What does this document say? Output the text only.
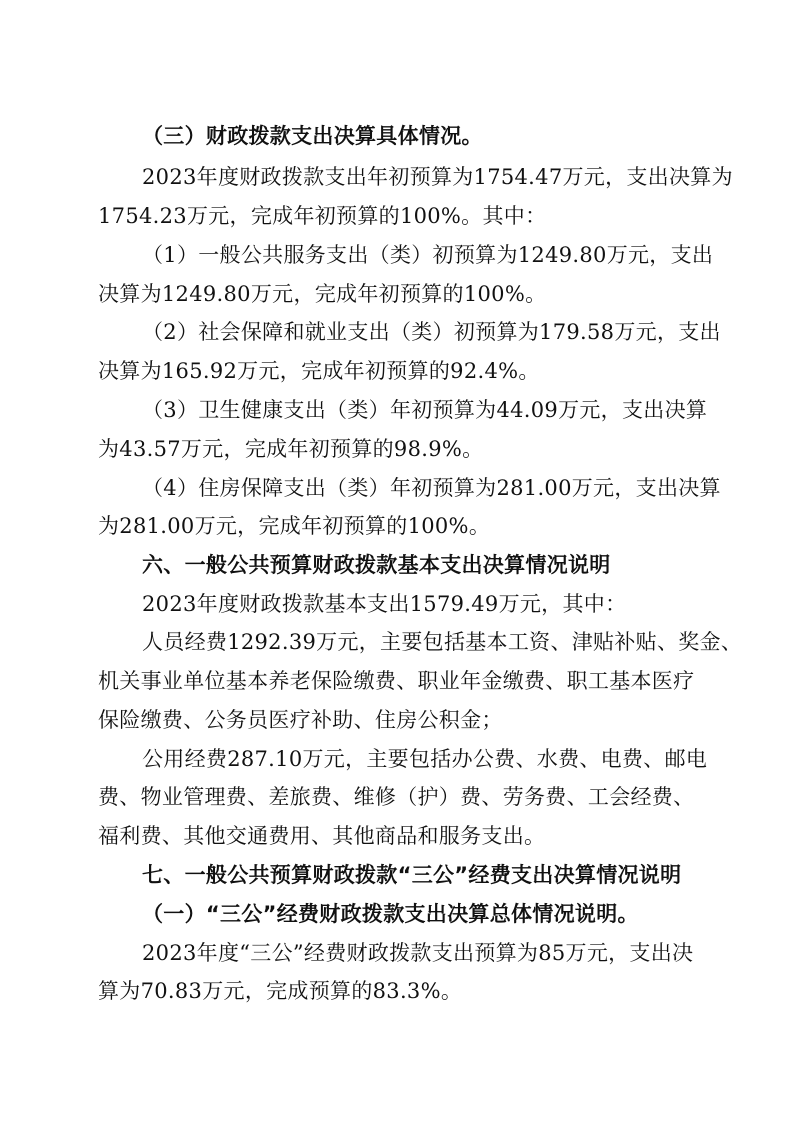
（三）财政拨款支出决算具体情况。
2023年度财政拨款支出年初预算为1754.47万元，支出决算为
1754.23万元，完成年初预算的100%。其中：
（1）一般公共服务支出（类）初预算为1249.80万元，支出
决算为1249.80万元，完成年初预算的100%。
（2）社会保障和就业支出（类）初预算为179.58万元，支出
决算为165.92万元，完成年初预算的92.4%。
（3）卫生健康支出（类）年初预算为44.09万元，支出决算
为43.57万元，完成年初预算的98.9%。
（4）住房保障支出（类）年初预算为281.00万元，支出决算
为281.00万元，完成年初预算的100%。
六、一般公共预算财政拨款基本支出决算情况说明
2023年度财政拨款基本支出1579.49万元，其中：
人员经费1292.39万元，主要包括基本工资、津贴补贴、奖金、
机关事业单位基本养老保险缴费、职业年金缴费、职工基本医疗
保险缴费、公务员医疗补助、住房公积金；
公用经费287.10万元，主要包括办公费、水费、电费、邮电
费、物业管理费、差旅费、维修（护）费、劳务费、工会经费、
福利费、其他交通费用、其他商品和服务支出。
七、一般公共预算财政拨款“三公”经费支出决算情况说明
（一）“三公”经费财政拨款支出决算总体情况说明。
2023年度“三公”经费财政拨款支出预算为85万元，支出决
算为70.83万元，完成预算的83.3%。
